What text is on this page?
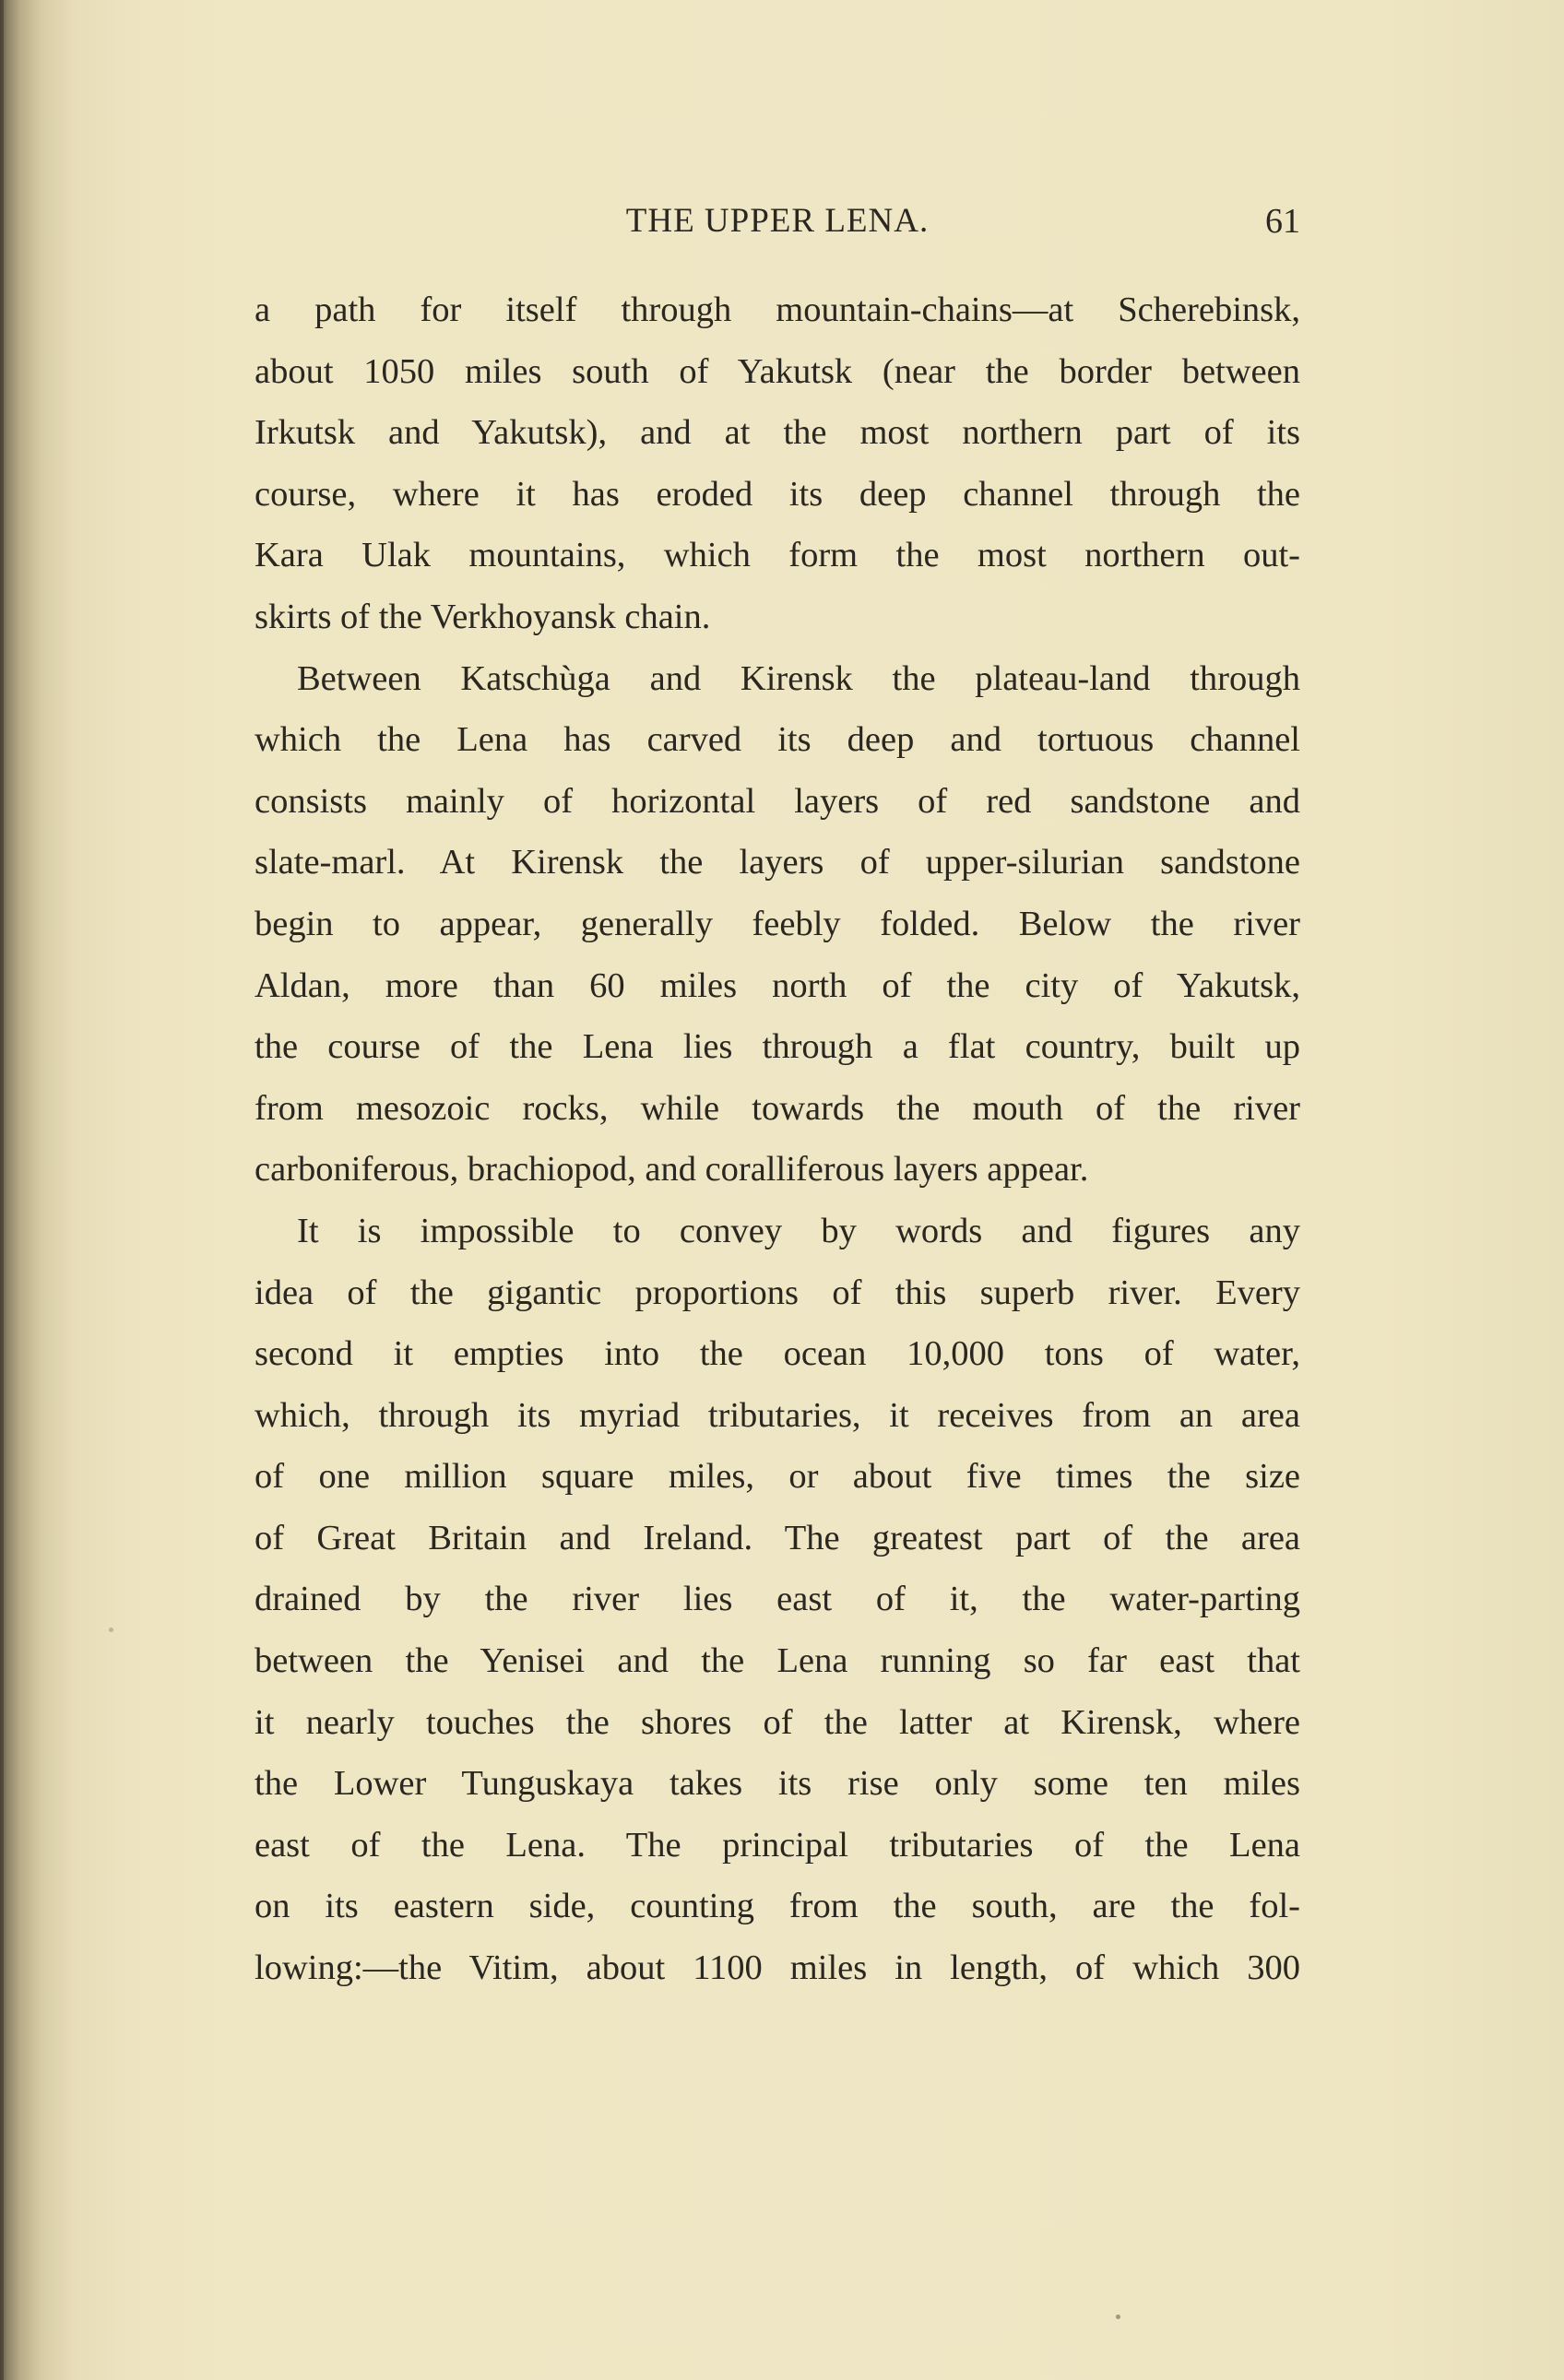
THE UPPER LENA.	61
a path for itself through mountain-chains—at Scherebinsk,
about 1050 miles south of Yakutsk (near the border between
Irkutsk and Yakutsk), and at the most northern part of its
course, where it has eroded its deep channel through the
Kara Ulak mountains, which form the most northern out-
skirts of the Verkhoyansk chain.
Between Katschùga and Kirensk the plateau-land through
which the Lena has carved its deep and tortuous channel
consists mainly of horizontal layers of red sandstone and
slate-marl. At Kirensk the layers of upper-silurian sandstone
begin to appear, generally feebly folded. Below the river
Aldan, more than 60 miles north of the city of Yakutsk,
the course of the Lena lies through a flat country, built up
from mesozoic rocks, while towards the mouth of the river
carboniferous, brachiopod, and coralliferous layers appear.
It is impossible to convey by words and figures any
idea of the gigantic proportions of this superb river. Every
second it empties into the ocean 10,000 tons of water,
which, through its myriad tributaries, it receives from an area
of one million square miles, or about five times the size
of Great Britain and Ireland. The greatest part of the area
drained by the river lies east of it, the water-parting
between the Yenisei and the Lena running so far east that
it nearly touches the shores of the latter at Kirensk, where
the Lower Tunguskaya takes its rise only some ten miles
east of the Lena. The principal tributaries of the Lena
on its eastern side, counting from the south, are the fol-
lowing:—the Vitim, about 1100 miles in length, of which 300
